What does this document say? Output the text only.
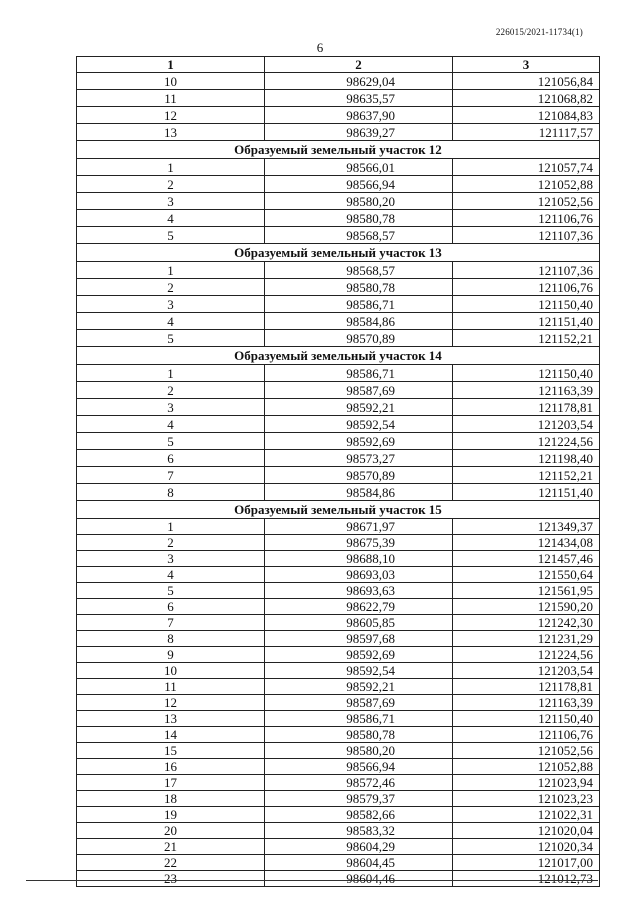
226015/2021-11734(1)
6
1	2	3
10	98629,04	121056,84
11	98635,57	121068,82
12	98637,90	121084,83
13	98639,27	121117,57
Образуемый земельный участок 12		
1	98566,01	121057,74
2	98566,94	121052,88
3	98580,20	121052,56
4	98580,78	121106,76
5	98568,57	121107,36
Образуемый земельный участок 13		
1	98568,57	121107,36
2	98580,78	121106,76
3	98586,71	121150,40
4	98584,86	121151,40
5	98570,89	121152,21
Образуемый земельный участок 14		
1	98586,71	121150,40
2	98587,69	121163,39
3	98592,21	121178,81
4	98592,54	121203,54
5	98592,69	121224,56
6	98573,27	121198,40
7	98570,89	121152,21
8	98584,86	121151,40
Образуемый земельный участок 15		
1	98671,97	121349,37
2	98675,39	121434,08
3	98688,10	121457,46
4	98693,03	121550,64
5	98693,63	121561,95
6	98622,79	121590,20
7	98605,85	121242,30
8	98597,68	121231,29
9	98592,69	121224,56
10	98592,54	121203,54
11	98592,21	121178,81
12	98587,69	121163,39
13	98586,71	121150,40
14	98580,78	121106,76
15	98580,20	121052,56
16	98566,94	121052,88
17	98572,46	121023,94
18	98579,37	121023,23
19	98582,66	121022,31
20	98583,32	121020,04
21	98604,29	121020,34
22	98604,45	121017,00
23	98604,46	121012,73
